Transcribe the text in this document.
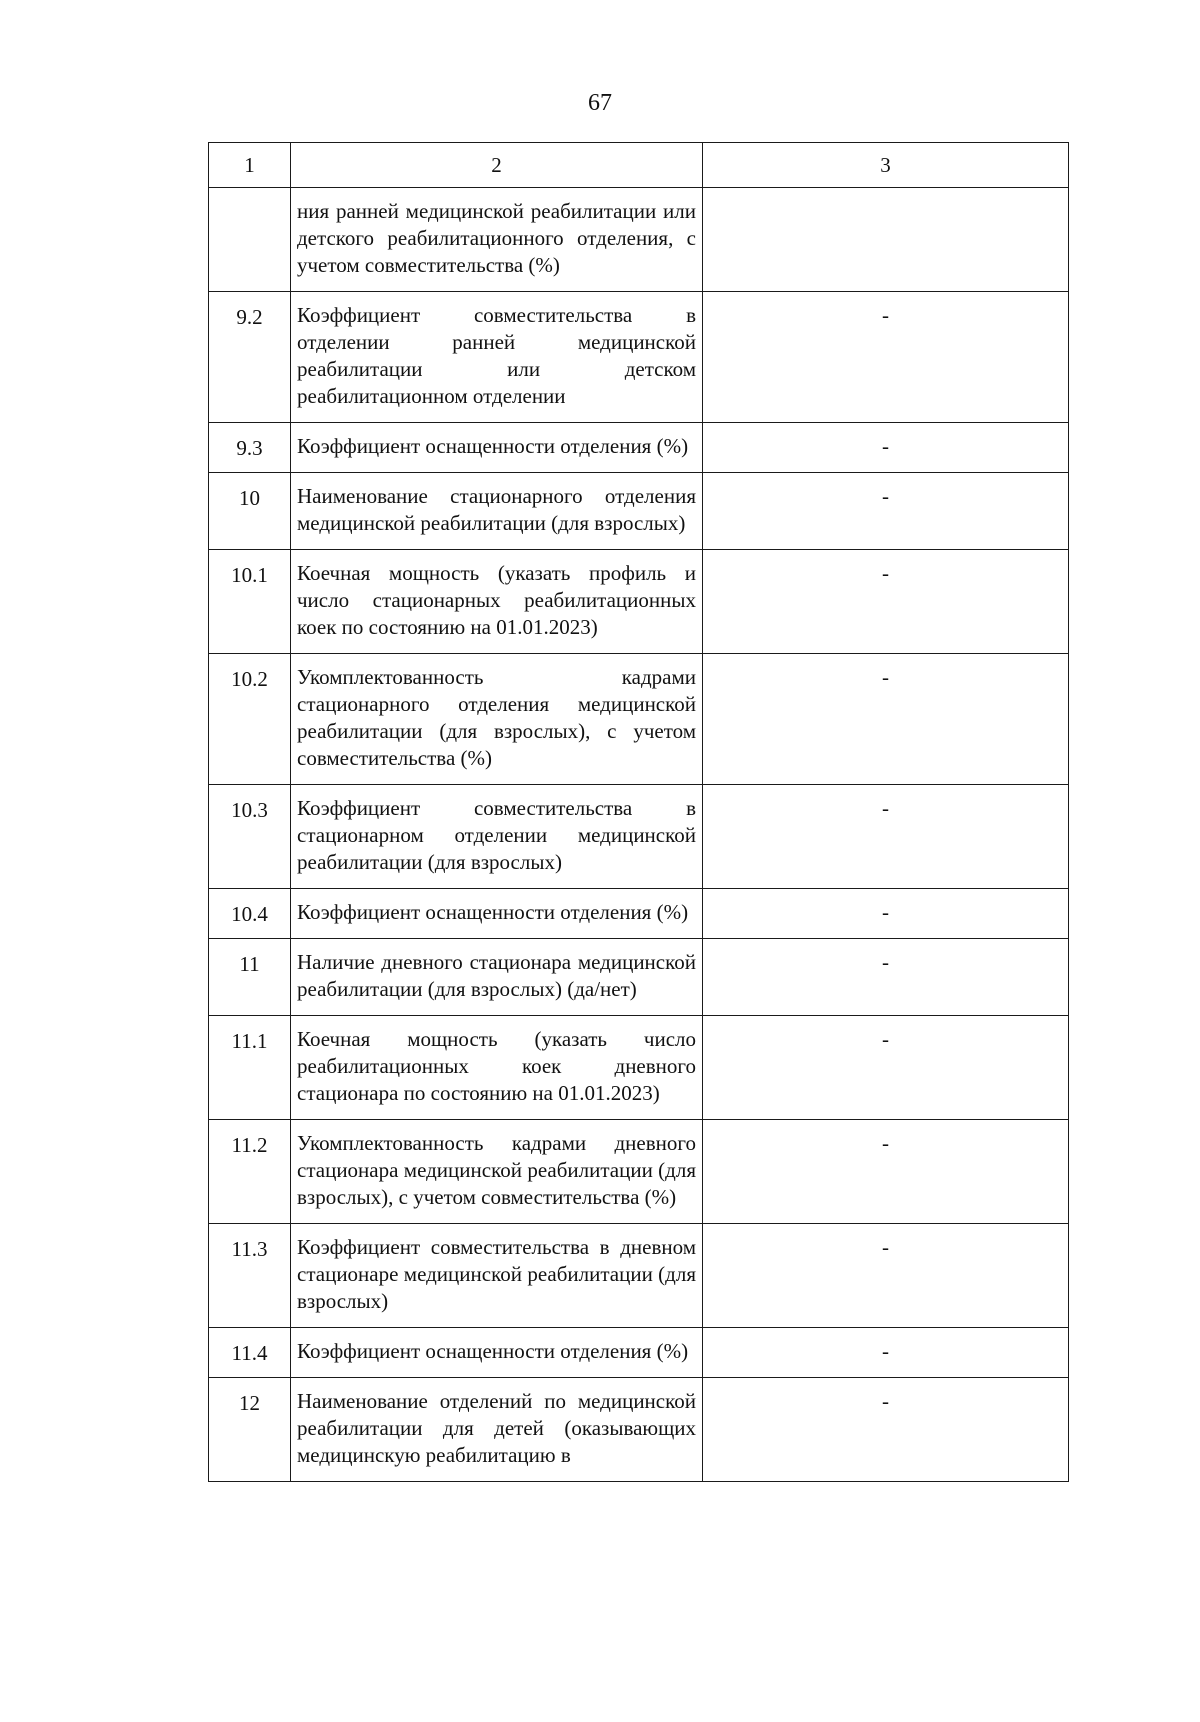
67
1	2	3
	ния ранней медицинской реабилитации или детского реабилитационного отделения, с учетом совместительства (%)	
9.2	Коэффициент совместительства в отделении ранней медицинской реабилитации или детском реабилитационном отделении	-
9.3	Коэффициент оснащенности отделения (%)	-
10	Наименование стационарного отделения медицинской реабилитации (для взрослых)	-
10.1	Коечная мощность (указать профиль и число стационарных реабилитационных коек по состоянию на 01.01.2023)	-
10.2	Укомплектованность кадрами стационарного отделения медицинской реабилитации (для взрослых), с учетом совместительства (%)	-
10.3	Коэффициент совместительства в стационарном отделении медицинской реабилитации (для взрослых)	-
10.4	Коэффициент оснащенности отделения (%)	-
11	Наличие дневного стационара медицинской реабилитации (для взрослых) (да/нет)	-
11.1	Коечная мощность (указать число реабилитационных коек дневного стационара по состоянию на 01.01.2023)	-
11.2	Укомплектованность кадрами дневного стационара медицинской реабилитации (для взрослых), с учетом совместительства (%)	-
11.3	Коэффициент совместительства в дневном стационаре медицинской реабилитации (для взрослых)	-
11.4	Коэффициент оснащенности отделения (%)	-
12	Наименование отделений по медицинской реабилитации для детей (оказывающих медицинскую реабилитацию в	-
